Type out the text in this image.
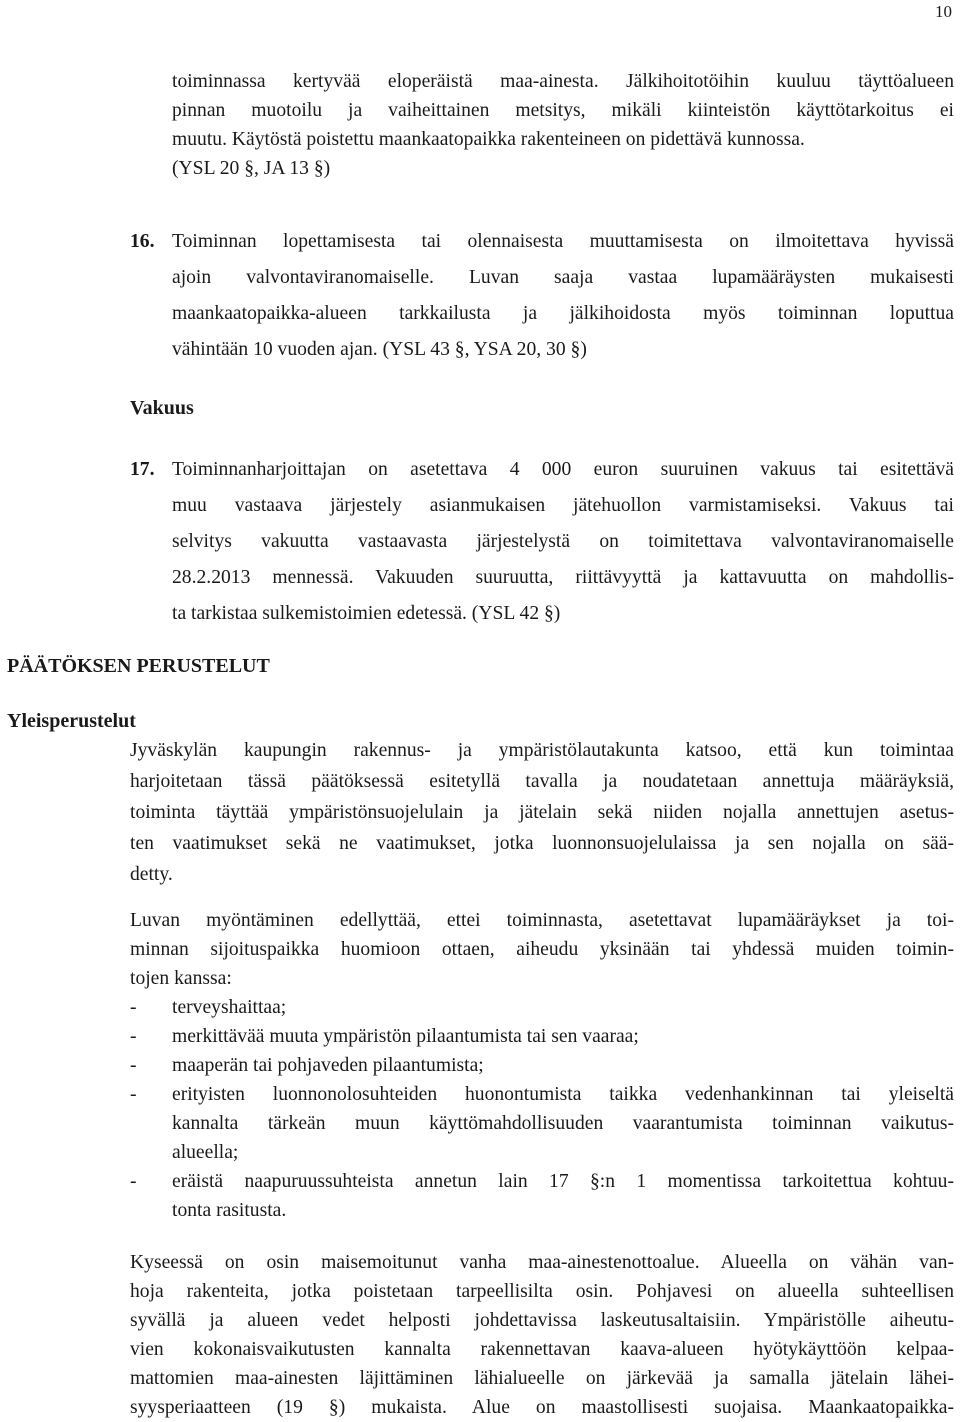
10
toiminnassa kertyvää eloperäistä maa-ainesta. Jälkihoitotöihin kuuluu täyttöalueen
pinnan muotoilu ja vaiheittainen metsitys, mikäli kiinteistön käyttötarkoitus ei
muutu. Käytöstä poistettu maankaatopaikka rakenteineen on pidettävä kunnossa.
(YSL 20 §, JA 13 §)
16. Toiminnan lopettamisesta tai olennaisesta muuttamisesta on ilmoitettava hyvissä
ajoin valvontaviranomaiselle. Luvan saaja vastaa lupamääräysten mukaisesti
maankaatopaikka-alueen tarkkailusta ja jälkihoidosta myös toiminnan loputtua
vähintään 10 vuoden ajan. (YSL 43 §, YSA 20, 30 §)
Vakuus
17. Toiminnanharjoittajan on asetettava 4 000 euron suuruinen vakuus tai esitettävä
muu vastaava järjestely asianmukaisen jätehuollon varmistamiseksi. Vakuus tai
selvitys vakuutta vastaavasta järjestelystä on toimitettava valvontaviranomaiselle
28.2.2013 mennessä. Vakuuden suuruutta, riittävyyttä ja kattavuutta on mahdollis-
ta tarkistaa sulkemistoimien edetessä. (YSL 42 §)
PÄÄTÖKSEN PERUSTELUT
Yleisperustelut
Jyväskylän kaupungin rakennus- ja ympäristölautakunta katsoo, että kun toimintaa
harjoitetaan tässä päätöksessä esitetyllä tavalla ja noudatetaan annettuja määräyksiä,
toiminta täyttää ympäristönsuojelulain ja jätelain sekä niiden nojalla annettujen asetus-
ten vaatimukset sekä ne vaatimukset, jotka luonnonsuojelulaissa ja sen nojalla on sää-
detty.
Luvan myöntäminen edellyttää, ettei toiminnasta, asetettavat lupamääräykset ja toi-
minnan sijoituspaikka huomioon ottaen, aiheudu yksinään tai yhdessä muiden toimin-
tojen kanssa:
- terveyshaittaa;
- merkittävää muuta ympäristön pilaantumista tai sen vaaraa;
- maaperän tai pohjaveden pilaantumista;
- erityisten luonnonolosuhteiden huonontumista taikka vedenhankinnan tai yleiseltä
kannalta tärkeän muun käyttömahdollisuuden vaarantumista toiminnan vaikutus-
alueella;
- eräistä naapuruussuhteista annetun lain 17 §:n 1 momentissa tarkoitettua kohtuu-
tonta rasitusta.
Kyseessä on osin maisemoitunut vanha maa-ainestenottoalue. Alueella on vähän van-
hoja rakenteita, jotka poistetaan tarpeellisilta osin. Pohjavesi on alueella suhteellisen
syvällä ja alueen vedet helposti johdettavissa laskeutusaltaisiin. Ympäristölle aiheutu-
vien kokonaisvaikutusten kannalta rakennettavan kaava-alueen hyötykäyttöön kelpaa-
mattomien maa-ainesten läjittäminen lähialueelle on järkevää ja samalla jätelain lähei-
syysperiaatteen (19 §) mukaista. Alue on maastollisesti suojaisa. Maankaatopaikka-
